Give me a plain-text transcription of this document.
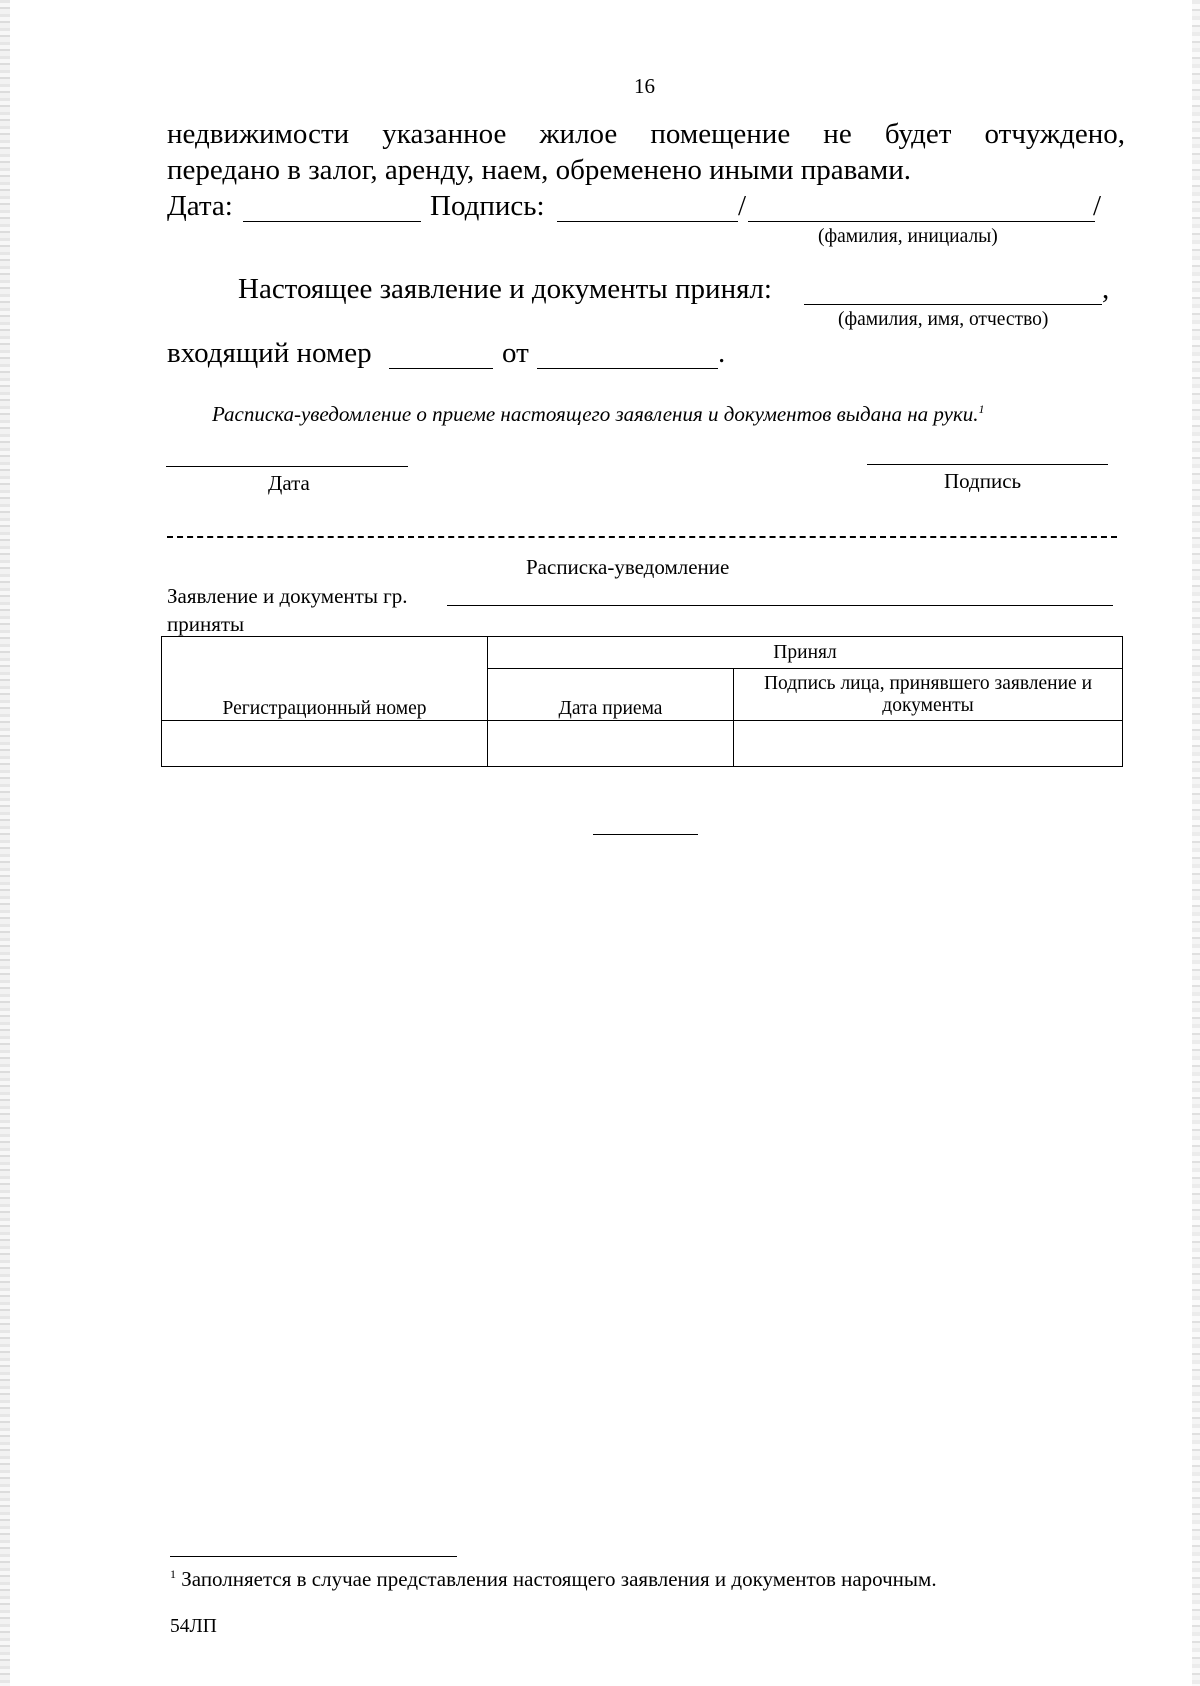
16
недвижимости указанное жилое помещение не будет отчуждено,
передано в залог, аренду, наем, обременено иными правами.
Дата:	Подпись:	/	/
(фамилия, инициалы)
Настоящее заявление и документы принял:	,
(фамилия, имя, отчество)
входящий номер	от	.
Расписка-уведомление о приеме настоящего заявления и документов выдана на руки.$^1$
Дата	Подпись
Расписка-уведомление
Заявление и документы гр.
приняты
Регистрационный номер	Принял	
	Дата приема	Подпись лица, принявшего заявление и документы

$^1$ Заполняется в случае представления настоящего заявления и документов нарочным.
54ЛП
